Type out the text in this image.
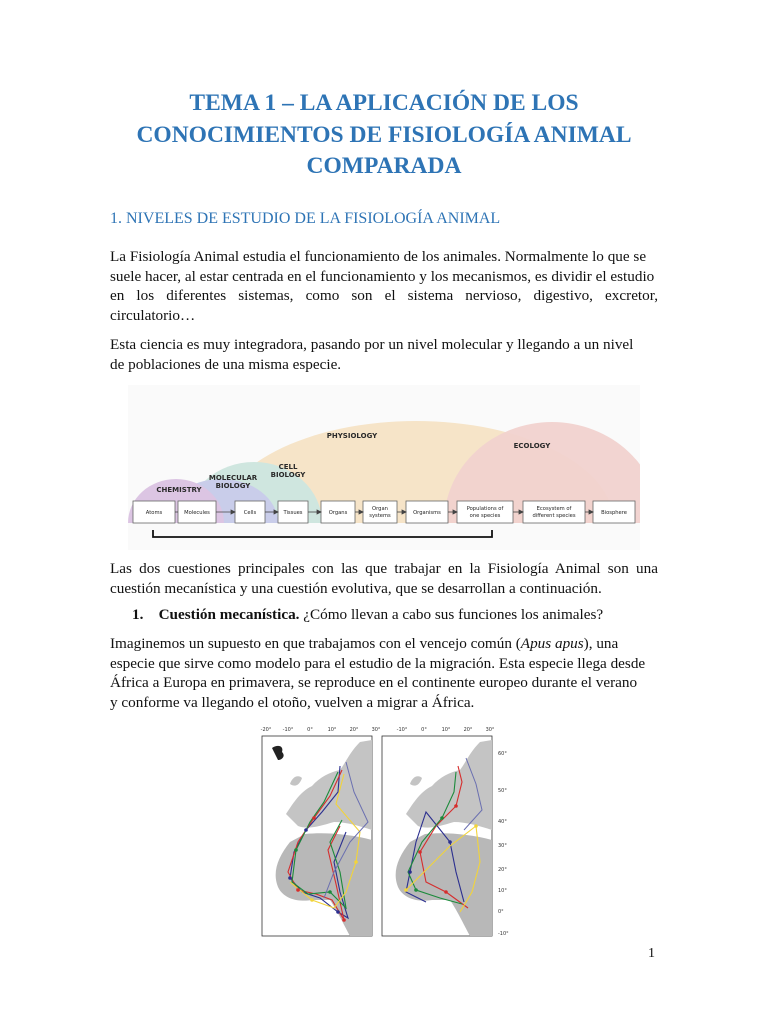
TEMA 1 – LA APLICACIÓN DE LOS
CONOCIMIENTOS DE FISIOLOGÍA ANIMAL
COMPARADA
1. NIVELES DE ESTUDIO DE LA FISIOLOGÍA ANIMAL
La Fisiología Animal estudia el funcionamiento de los animales. Normalmente lo que se
suele hacer, al estar centrada en el funcionamiento y los mecanismos, es dividir el estudio
en los diferentes sistemas, como son el sistema nervioso, digestivo, excretor,
circulatorio…
Esta ciencia es muy integradora, pasando por un nivel molecular y llegando a un nivel
de poblaciones de una misma especie.
PHYSIOLOGY
ECOLOGY
CELL
BIOLOGY
MOLECULAR
BIOLOGY
CHEMISTRY
Atoms	Molecules	Cells	Tissues	Organs
Organ
systems	Organisms
Populations of
one species
Ecosystem of
different species	Biosphere
Las dos cuestiones principales con las que trabajar en la Fisiología Animal son una
cuestión mecanística y una cuestión evolutiva, que se desarrollan a continuación.
1. Cuestión mecanística. ¿Cómo llevan a cabo sus funciones los animales?
Imaginemos un supuesto en que trabajamos con el vencejo común (Apus apus), una
especie que sirve como modelo para el estudio de la migración. Esta especie llega desde
África a Europa en primavera, se reproduce en el continente europeo durante el verano
y conforme va llegando el otoño, vuelven a migrar a África.
-20° -10°	0°	10°	20°	30°	-10°	0°	10°	20°	30°
60°
50°
40°
30°
20°
10°
0°
-10°
1
